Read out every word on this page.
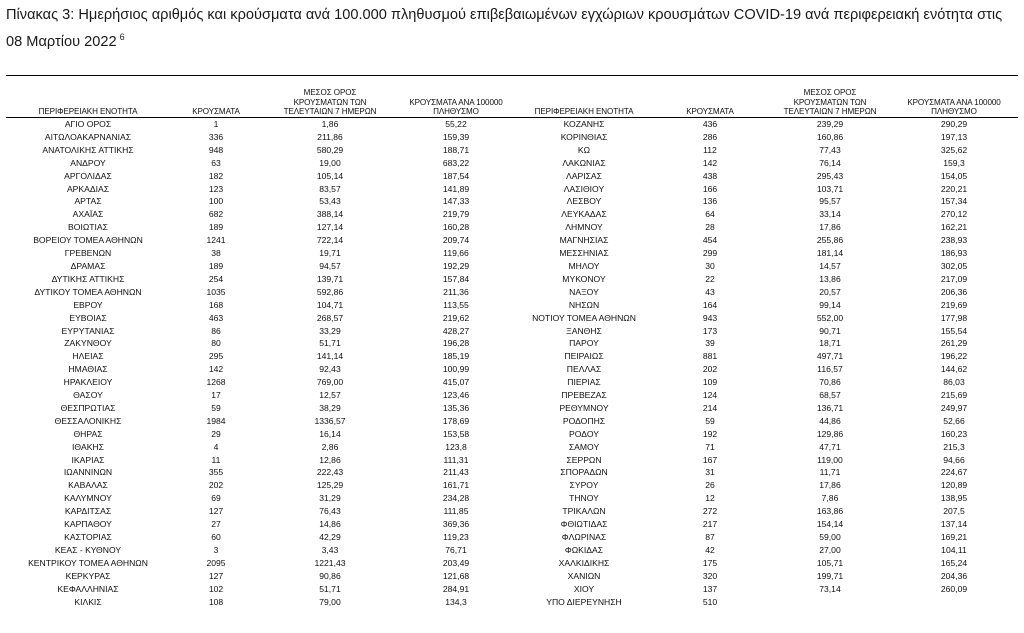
Πίνακας 3: Ημερήσιος αριθμός και κρούσματα ανά 100.000 πληθυσμού επιβεβαιωμένων εγχώριων κρουσμάτων COVID-19 ανά περιφερειακή ενότητα στις 08 Μαρτίου 2022 $^6$
ΠΕΡΙΦΕΡΕΙΑΚΗ ΕΝΟΤΗΤΑ	ΚΡΟΥΣΜΑΤΑ
ΜΕΣΟΣ ΟΡΟΣ
ΚΡΟΥΣΜΑΤΩΝ ΤΩΝ
ΤΕΛΕΥΤΑΙΩΝ 7 ΗΜΕΡΩΝ
ΚΡΟΥΣΜΑΤΑ ΑΝΑ 100000
ΠΛΗΘΥΣΜΟ	ΠΕΡΙΦΕΡΕΙΑΚΗ ΕΝΟΤΗΤΑ	ΚΡΟΥΣΜΑΤΑ
ΜΕΣΟΣ ΟΡΟΣ
ΚΡΟΥΣΜΑΤΩΝ ΤΩΝ
ΤΕΛΕΥΤΑΙΩΝ 7 ΗΜΕΡΩΝ
ΚΡΟΥΣΜΑΤΑ ΑΝΑ 100000
ΠΛΗΘΥΣΜΟ
ΑΓΙΟ ΟΡΟΣ	1	1,86	55,22	ΚΟΖΑΝΗΣ	436	239,29	290,29
ΑΙΤΩΛΟΑΚΑΡΝΑΝΙΑΣ	336	211,86	159,39	ΚΟΡΙΝΘΙΑΣ	286	160,86	197,13
ΑΝΑΤΟΛΙΚΗΣ ΑΤΤΙΚΗΣ	948	580,29	188,71	ΚΩ	112	77,43	325,62
ΑΝΔΡΟΥ	63	19,00	683,22	ΛΑΚΩΝΙΑΣ	142	76,14	159,3
ΑΡΓΟΛΙΔΑΣ	182	105,14	187,54	ΛΑΡΙΣΑΣ	438	295,43	154,05
ΑΡΚΑΔΙΑΣ	123	83,57	141,89	ΛΑΣΙΘΙΟΥ	166	103,71	220,21
ΑΡΤΑΣ	100	53,43	147,33	ΛΕΣΒΟΥ	136	95,57	157,34
ΑΧΑΪΑΣ	682	388,14	219,79	ΛΕΥΚΑΔΑΣ	64	33,14	270,12
ΒΟΙΩΤΙΑΣ	189	127,14	160,28	ΛΗΜΝΟΥ	28	17,86	162,21
ΒΟΡΕΙΟΥ ΤΟΜΕΑ ΑΘΗΝΩΝ	1241	722,14	209,74	ΜΑΓΝΗΣΙΑΣ	454	255,86	238,93
ΓΡΕΒΕΝΩΝ	38	19,71	119,66	ΜΕΣΣΗΝΙΑΣ	299	181,14	186,93
ΔΡΑΜΑΣ	189	94,57	192,29	ΜΗΛΟΥ	30	14,57	302,05
ΔΥΤΙΚΗΣ ΑΤΤΙΚΗΣ	254	139,71	157,84	ΜΥΚΟΝΟΥ	22	13,86	217,09
ΔΥΤΙΚΟΥ ΤΟΜΕΑ ΑΘΗΝΩΝ	1035	592,86	211,36	ΝΑΞΟΥ	43	20,57	206,36
ΕΒΡΟΥ	168	104,71	113,55	ΝΗΣΩΝ	164	99,14	219,69
ΕΥΒΟΙΑΣ	463	268,57	219,62	ΝΟΤΙΟΥ ΤΟΜΕΑ ΑΘΗΝΩΝ	943	552,00	177,98
ΕΥΡΥΤΑΝΙΑΣ	86	33,29	428,27	ΞΑΝΘΗΣ	173	90,71	155,54
ΖΑΚΥΝΘΟΥ	80	51,71	196,28	ΠΑΡΟΥ	39	18,71	261,29
ΗΛΕΙΑΣ	295	141,14	185,19	ΠΕΙΡΑΙΩΣ	881	497,71	196,22
ΗΜΑΘΙΑΣ	142	92,43	100,99	ΠΕΛΛΑΣ	202	116,57	144,62
ΗΡΑΚΛΕΙΟΥ	1268	769,00	415,07	ΠΙΕΡΙΑΣ	109	70,86	86,03
ΘΑΣΟΥ	17	12,57	123,46	ΠΡΕΒΕΖΑΣ	124	68,57	215,69
ΘΕΣΠΡΩΤΙΑΣ	59	38,29	135,36	ΡΕΘΥΜΝΟΥ	214	136,71	249,97
ΘΕΣΣΑΛΟΝΙΚΗΣ	1984	1336,57	178,69	ΡΟΔΟΠΗΣ	59	44,86	52,66
ΘΗΡΑΣ	29	16,14	153,58	ΡΟΔΟΥ	192	129,86	160,23
ΙΘΑΚΗΣ	4	2,86	123,8	ΣΑΜΟΥ	71	47,71	215,3
ΙΚΑΡΙΑΣ	11	12,86	111,31	ΣΕΡΡΩΝ	167	119,00	94,66
ΙΩΑΝΝΙΝΩΝ	355	222,43	211,43	ΣΠΟΡΑΔΩΝ	31	11,71	224,67
ΚΑΒΑΛΑΣ	202	125,29	161,71	ΣΥΡΟΥ	26	17,86	120,89
ΚΑΛΥΜΝΟΥ	69	31,29	234,28	ΤΗΝΟΥ	12	7,86	138,95
ΚΑΡΔΙΤΣΑΣ	127	76,43	111,85	ΤΡΙΚΑΛΩΝ	272	163,86	207,5
ΚΑΡΠΑΘΟΥ	27	14,86	369,36	ΦΘΙΩΤΙΔΑΣ	217	154,14	137,14
ΚΑΣΤΟΡΙΑΣ	60	42,29	119,23	ΦΛΩΡΙΝΑΣ	87	59,00	169,21
ΚΕΑΣ - ΚΥΘΝΟΥ	3	3,43	76,71	ΦΩΚΙΔΑΣ	42	27,00	104,11
ΚΕΝΤΡΙΚΟΥ ΤΟΜΕΑ ΑΘΗΝΩΝ	2095	1221,43	203,49	ΧΑΛΚΙΔΙΚΗΣ	175	105,71	165,24
ΚΕΡΚΥΡΑΣ	127	90,86	121,68	ΧΑΝΙΩΝ	320	199,71	204,36
ΚΕΦΑΛΛΗΝΙΑΣ	102	51,71	284,91	ΧΙΟΥ	137	73,14	260,09
ΚΙΛΚΙΣ	108	79,00	134,3	ΥΠΟ ΔΙΕΡΕΥΝΗΣΗ	510
